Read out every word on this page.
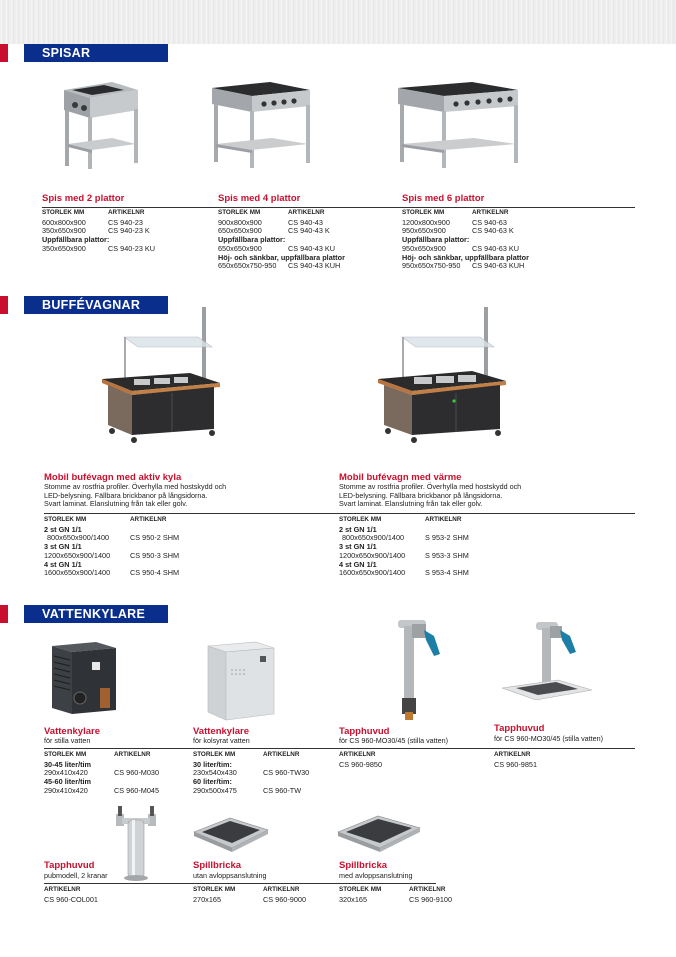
SPISAR
Spis med 2 plattor	Spis med 4 plattor	Spis med 6 plattor
STORLEK MM	ARTIKELNR
600x800x900	CS 940-23
350x650x900	CS 940-23 K
Uppfällbara plattor:
350x650x900	CS 940-23 KU
STORLEK MM	ARTIKELNR
900x800x900	CS 940-43
650x650x900	CS 940-43 K
Uppfällbara plattor:
650x650x900	CS 940-43 KU
Höj- och sänkbar, uppfällbara plattor
650x650x750-950	CS 940-43 KUH
STORLEK MM	ARTIKELNR
1200x800x900	CS 940-63
950x650x900	CS 940-63 K
Uppfällbara plattor:
950x650x900	CS 940-63 KU
Höj- och sänkbar, uppfällbara plattor
950x650x750-950	CS 940-63 KUH
BUFFÉVAGNAR
Mobil bufévagn med aktiv kyla
Stomme av rostfria profiler. Överhylla med hostskydd och
LED-belysning. Fällbara brickbanor på långsidorna.
Svart laminat. Elanslutning från tak eller golv.
Mobil bufévagn med värme
Stomme av rostfria profiler. Överhylla med hostskydd och
LED-belysning. Fällbara brickbanor på långsidorna.
Svart laminat. Elanslutning från tak eller golv.
STORLEK MM	ARTIKELNR
2 st GN 1/1
800x650x900/1400	CS 950-2 SHM
3 st GN 1/1
1200x650x900/1400	CS 950-3 SHM
4 st GN 1/1
1600x650x900/1400	CS 950-4 SHM
STORLEK MM	ARTIKELNR
2 st GN 1/1
800x650x900/1400	S 953-2 SHM
3 st GN 1/1
1200x650x900/1400	S 953-3 SHM
4 st GN 1/1
1600x650x900/1400	S 953-4 SHM
VATTENKYLARE
Vattenkylare
för stilla vatten
Vattenkylare
för kolsyrat vatten
Tapphuvud
för CS 960-MO30/45 (stilla vatten)
Tapphuvud
för CS 960-MO30/45 (stilla vatten)
STORLEK MM	ARTIKELNR
30-45 liter/tim
290x410x420	CS 960-M030
45-60 liter/tim
290x410x420	CS 960-M045
STORLEK MM	ARTIKELNR
30 liter/tim:
230x540x430	CS 960-TW30
60 liter/tim:
290x500x475	CS 960-TW
ARTIKELNR
CS 960-9850
ARTIKELNR
CS 960-9851
Tapphuvud
pubmodell, 2 kranar
Spillbricka
utan avloppsanslutning
Spillbricka
med avloppsanslutning
ARTIKELNR
CS 960-COL001
STORLEK MM	ARTIKELNR
270x165	CS 960-9000
STORLEK MM	ARTIKELNR
320x165	CS 960-9100
